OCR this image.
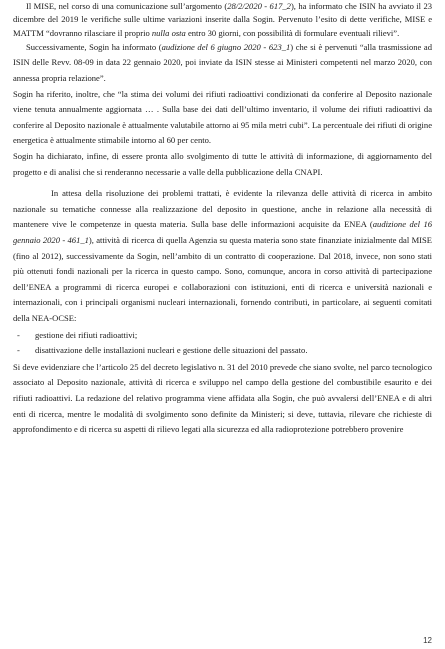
Il MISE, nel corso di una comunicazione sull’argomento (28/2/2020 - 617_2), ha informato che ISIN ha avviato il 23 dicembre del 2019 le verifiche sulle ultime variazioni inserite dalla Sogin. Pervenuto l’esito di dette verifiche, MISE e MATTM “dovranno rilasciare il proprio nulla osta entro 30 giorni, con possibilità di formulare eventuali rilievi”.

Successivamente, Sogin ha informato (audizione del 6 giugno 2020 - 623_1) che si è pervenuti “alla trasmissione ad ISIN delle Revv. 08-09 in data 22 gennaio 2020, poi inviate da ISIN stesse ai Ministeri competenti nel marzo 2020, con annessa propria relazione”.

Sogin ha riferito, inoltre, che “la stima dei volumi dei rifiuti radioattivi condizionati da conferire al Deposito nazionale viene tenuta annualmente aggiornata … . Sulla base dei dati dell’ultimo inventario, il volume dei rifiuti radioattivi da conferire al Deposito nazionale è attualmente valutabile attorno ai 95 mila metri cubi”. La percentuale dei rifiuti di origine energetica è attualmente stimabile intorno al 60 per cento.

Sogin ha dichiarato, infine, di essere pronta allo svolgimento di tutte le attività di informazione, di aggiornamento del progetto e di analisi che si renderanno necessarie a valle della pubblicazione della CNAPI.

In attesa della risoluzione dei problemi trattati, è evidente la rilevanza delle attività di ricerca in ambito nazionale su tematiche connesse alla realizzazione del deposito in questione, anche in relazione alla necessità di mantenere vive le competenze in questa materia. Sulla base delle informazioni acquisite da ENEA (audizione del 16 gennaio 2020 - 461_1), attività di ricerca di quella Agenzia su questa materia sono state finanziate inizialmente dal MISE (fino al 2012), successivamente da Sogin, nell’ambito di un contratto di cooperazione. Dal 2018, invece, non sono stati più ottenuti fondi nazionali per la ricerca in questo campo. Sono, comunque, ancora in corso attività di partecipazione dell’ENEA a programmi di ricerca europei e collaborazioni con istituzioni, enti di ricerca e università nazionali e internazionali, con i principali organismi nucleari internazionali, fornendo contributi, in particolare, ai seguenti comitati della NEA-OCSE:

- gestione dei rifiuti radioattivi;
- disattivazione delle installazioni nucleari e gestione delle situazioni del passato.

Si deve evidenziare che l’articolo 25 del decreto legislativo n. 31 del 2010 prevede che siano svolte, nel parco tecnologico associato al Deposito nazionale, attività di ricerca e sviluppo nel campo della gestione del combustibile esaurito e dei rifiuti radioattivi. La redazione del relativo programma viene affidata alla Sogin, che può avvalersi dell’ENEA e di altri enti di ricerca, mentre le modalità di svolgimento sono definite da Ministeri; si deve, tuttavia, rilevare che richieste di approfondimento e di ricerca su aspetti di rilievo legati alla sicurezza ed alla radioprotezione potrebbero provenire

12
